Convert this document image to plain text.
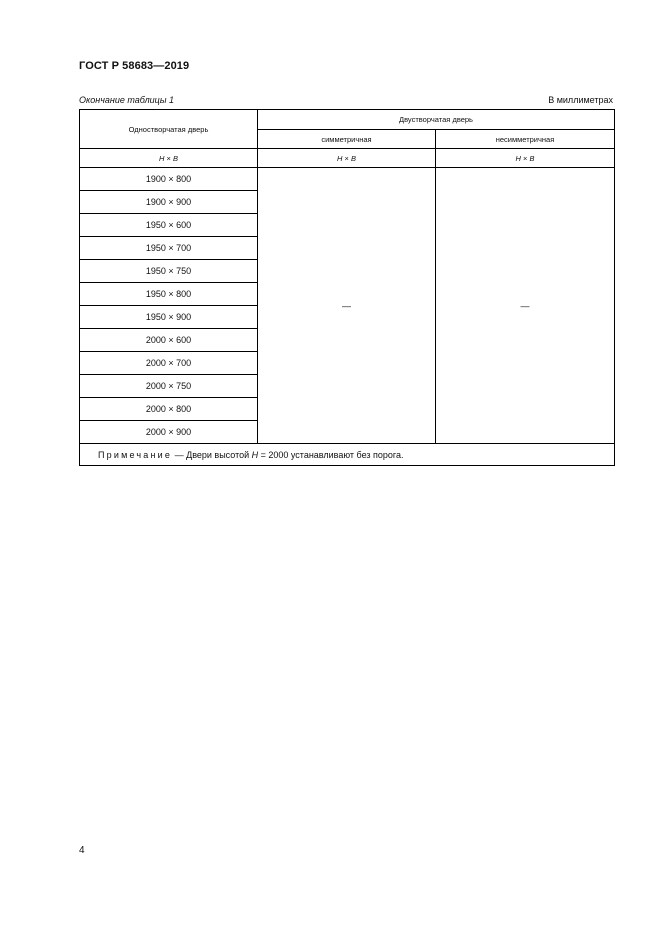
ГОСТ Р 58683—2019
Окончание таблицы 1	В миллиметрах
Одностворчатая дверь	Двустворчатая дверь	
	симметричная	несимметричная
H × B	H × B	H × B
1900 × 800	—	—
1900 × 900		
1950 × 600		
1950 × 700		
1950 × 750		
1950 × 800		
1950 × 900		
2000 × 600		
2000 × 700		
2000 × 750		
2000 × 800		
2000 × 900		
Примечание — Двери высотой H = 2000 устанавливают без порога.		
4
